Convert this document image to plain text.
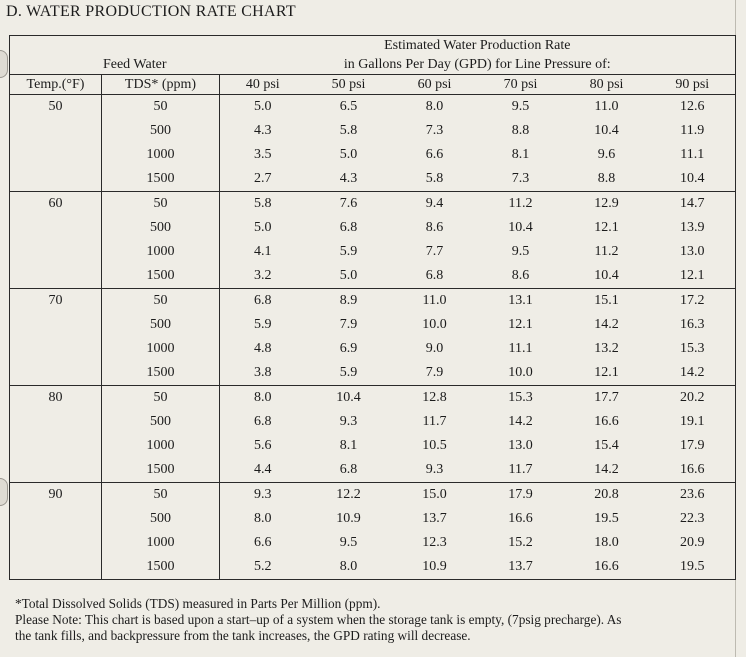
D. WATER PRODUCTION RATE CHART
		Estimated Water Production Rate					

Feed Water		in Gallons Per Day (GPD) for Line Pressure of:					
Temp.(°F)	TDS* (ppm)	40 psi	50 psi	60 psi	70 psi	80 psi	90 psi
50	50	5.0	6.5	8.0	9.5	11.0	12.6
	500	4.3	5.8	7.3	8.8	10.4	11.9
	1000	3.5	5.0	6.6	8.1	9.6	11.1
	1500	2.7	4.3	5.8	7.3	8.8	10.4
60	50	5.8	7.6	9.4	11.2	12.9	14.7
	500	5.0	6.8	8.6	10.4	12.1	13.9
	1000	4.1	5.9	7.7	9.5	11.2	13.0
	1500	3.2	5.0	6.8	8.6	10.4	12.1
70	50	6.8	8.9	11.0	13.1	15.1	17.2
	500	5.9	7.9	10.0	12.1	14.2	16.3
	1000	4.8	6.9	9.0	11.1	13.2	15.3
	1500	3.8	5.9	7.9	10.0	12.1	14.2
80	50	8.0	10.4	12.8	15.3	17.7	20.2
	500	6.8	9.3	11.7	14.2	16.6	19.1
	1000	5.6	8.1	10.5	13.0	15.4	17.9
	1500	4.4	6.8	9.3	11.7	14.2	16.6
90	50	9.3	12.2	15.0	17.9	20.8	23.6
	500	8.0	10.9	13.7	16.6	19.5	22.3
	1000	6.6	9.5	12.3	15.2	18.0	20.9
	1500	5.2	8.0	10.9	13.7	16.6	19.5
*Total Dissolved Solids (TDS) measured in Parts Per Million (ppm).
Please Note: This chart is based upon a start–up of a system when the storage tank is empty, (7psig precharge). As
the tank fills, and backpressure from the tank increases, the GPD rating will decrease.
